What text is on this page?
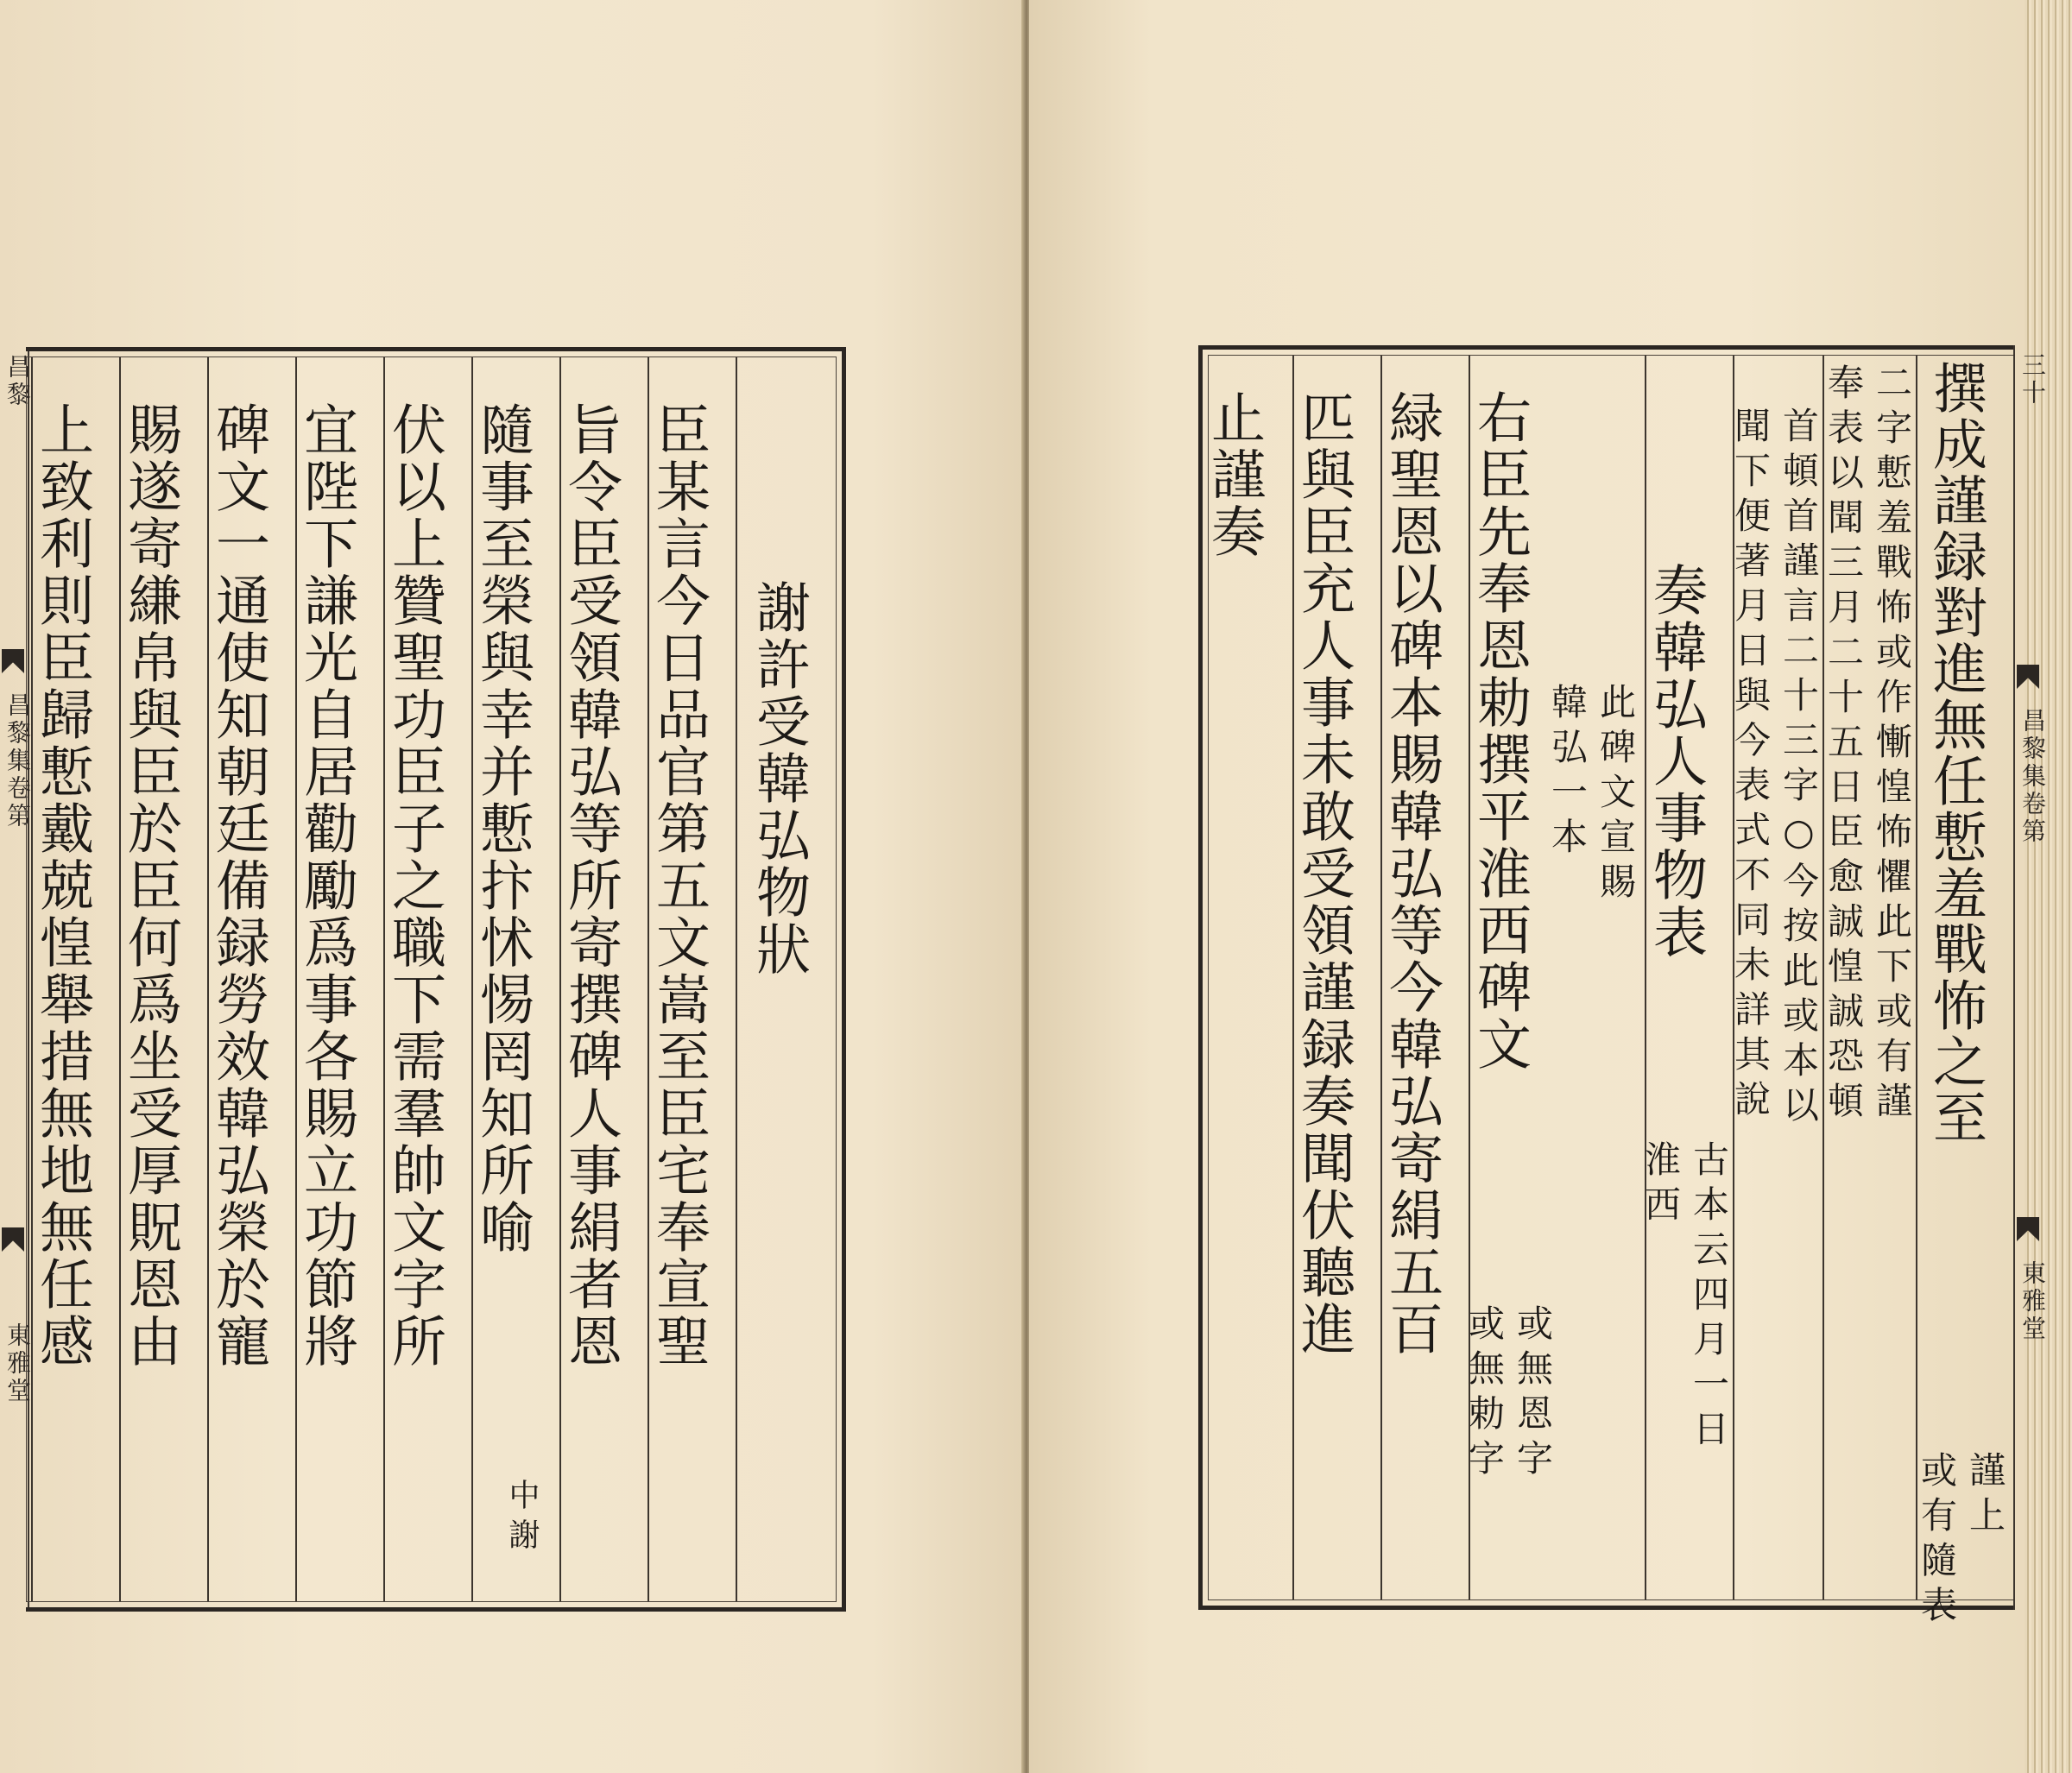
昌黎
昌黎集卷第
東雅堂
謝許受韓弘物狀
臣某言今日品官第五文嵩至臣宅奉宣聖
旨令臣受領韓弘等所寄撰碑人事絹者恩
隨事至榮與幸并慙抃怵惕罔知所喻
中謝
伏以上贊聖功臣子之職下需羣帥文字所
宜陛下謙光自居勸勵爲事各賜立功節將
碑文一通使知朝廷備録勞效韓弘榮於寵
賜遂寄縑帛與臣於臣何爲坐受厚貺恩由
上致利則臣歸慙戴兢惶舉措無地無任感	撰成謹録對進無任慙羞戰怖之至
謹上
或有隨表
二字慙羞戰怖或作慚惶怖懼此下或有謹
奉表以聞三月二十五日臣愈誠惶誠恐頓
首頓首謹言二十三字○今按此或本以
聞下便著月日與今表式不同未詳其說
奏韓弘人事物表
古本云四月一日
淮西
此碑文宣賜
韓弘一本
右臣先奉恩勅撰平淮西碑文
或無恩字
或無勅字
緑聖恩以碑本賜韓弘等今韓弘寄絹五百
匹與臣充人事未敢受領謹録奏聞伏聽進
止謹奏
三十
昌黎集卷第
東雅堂
